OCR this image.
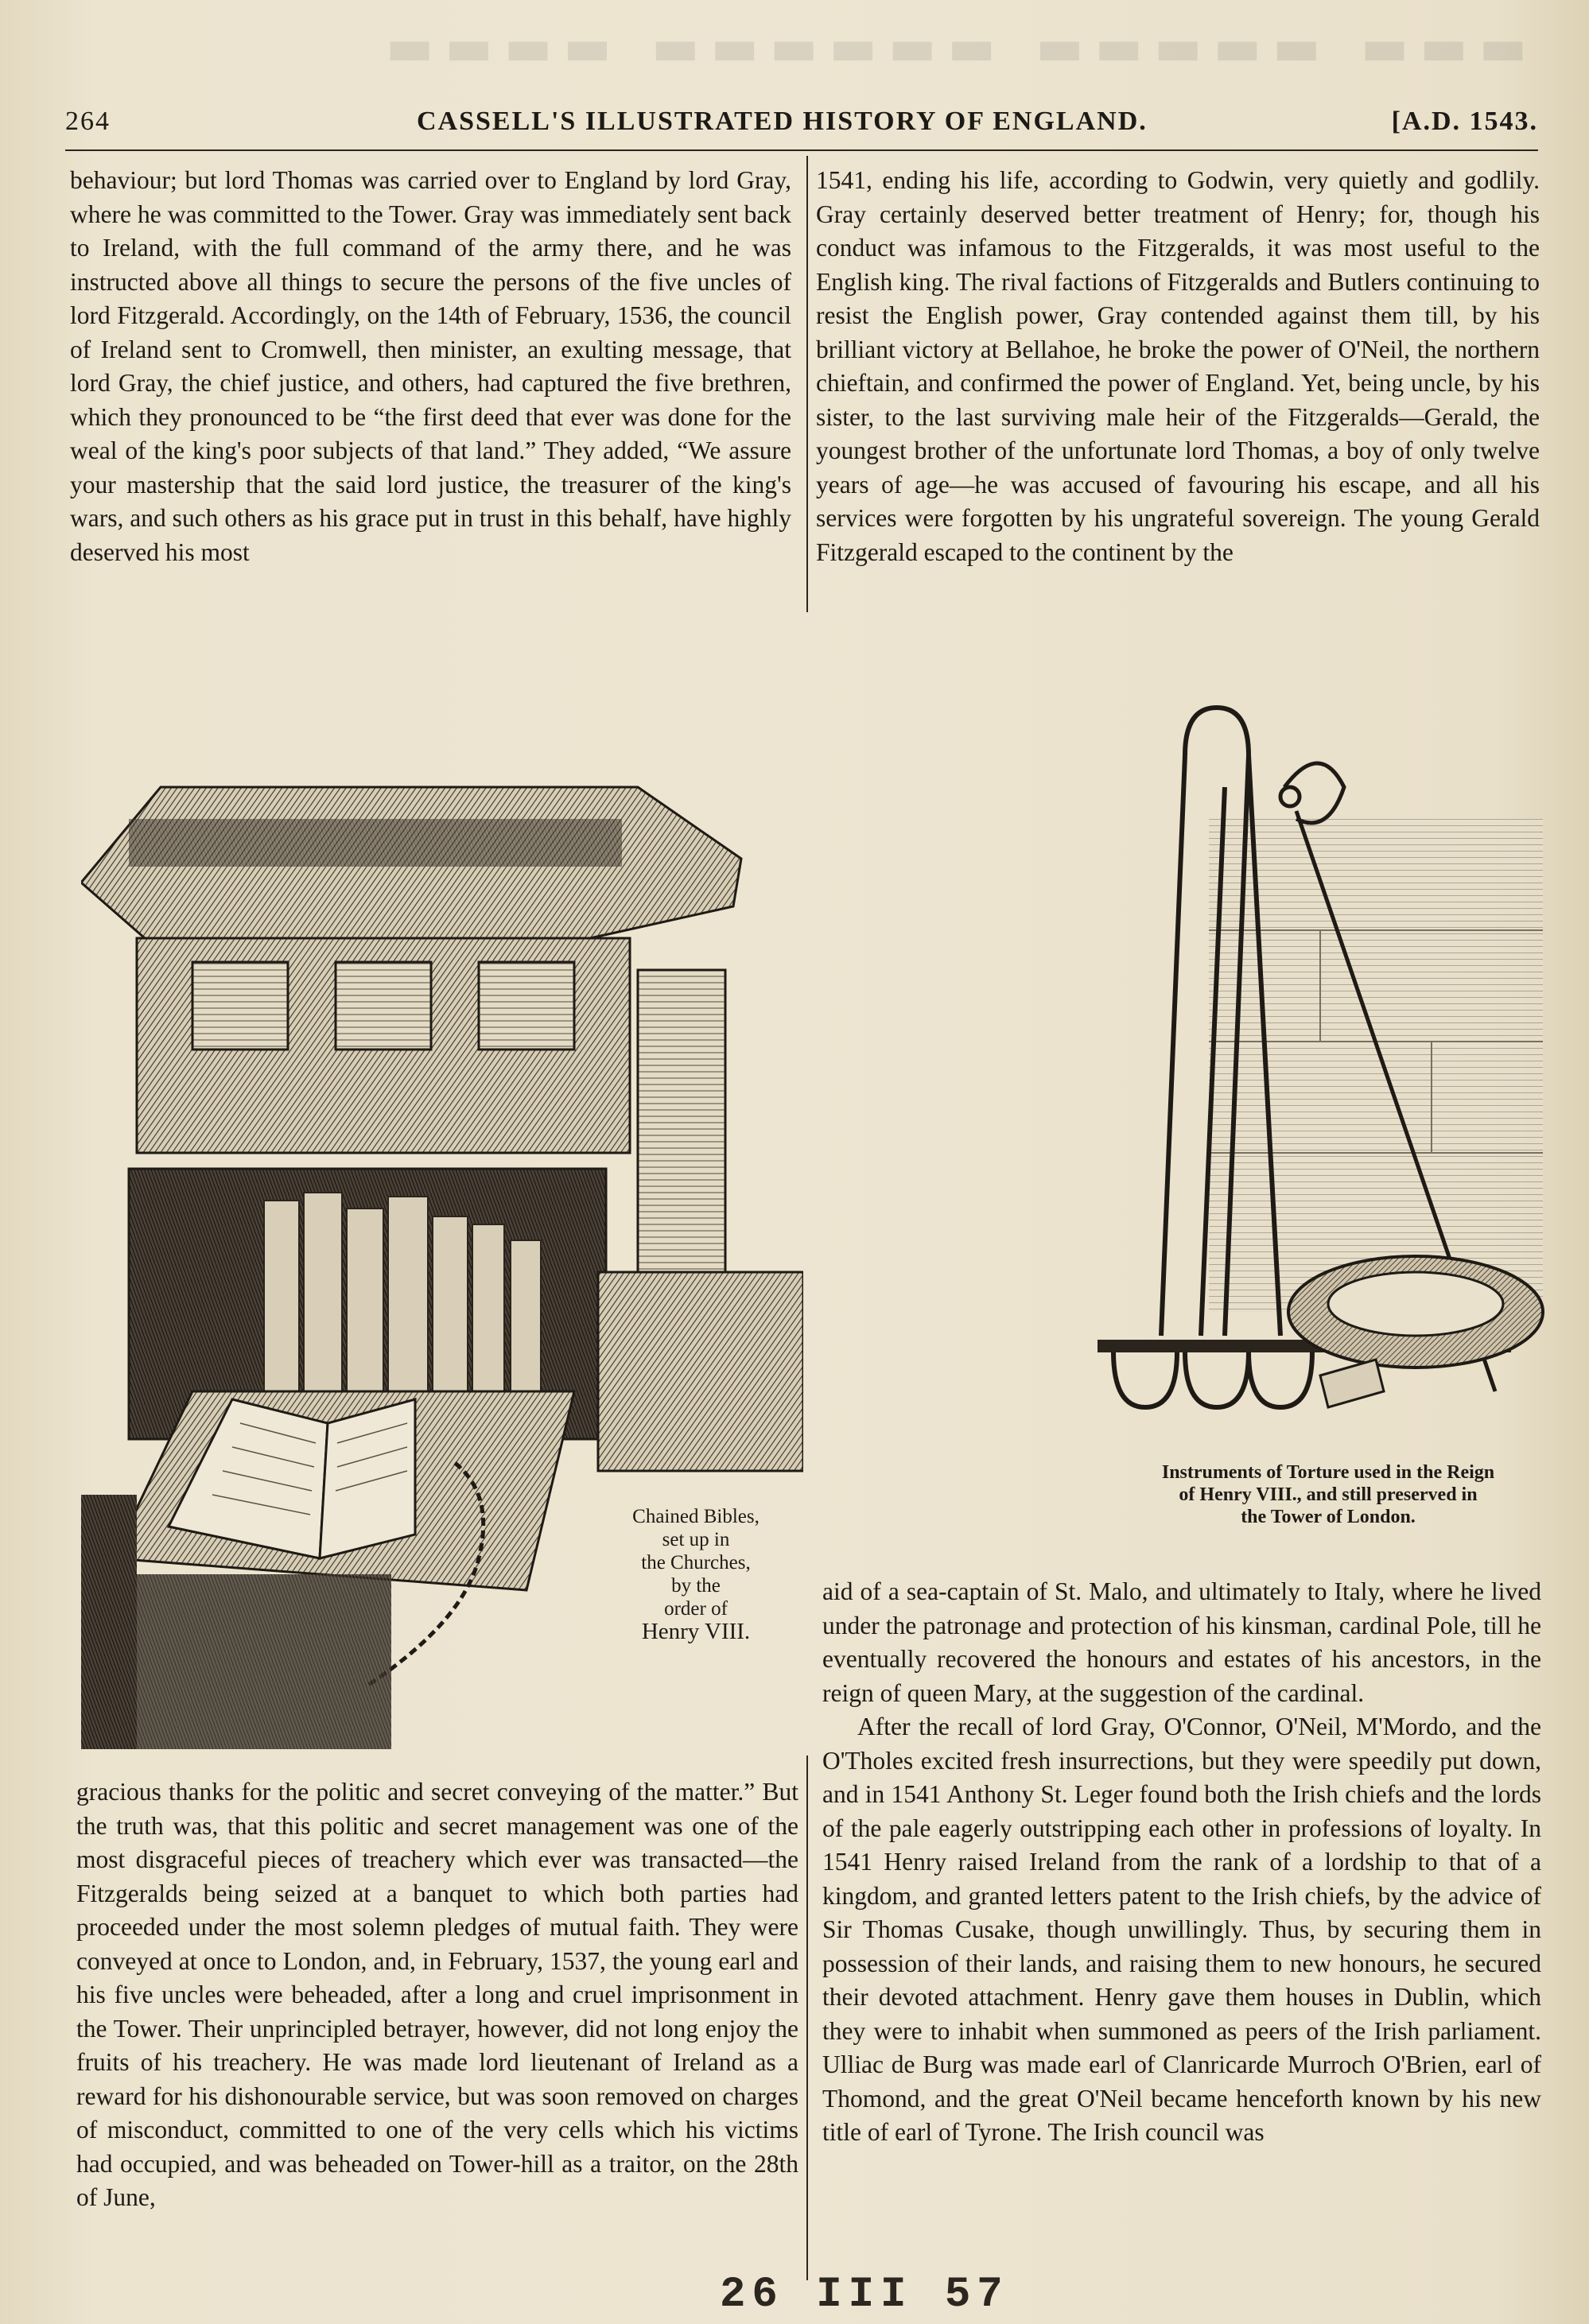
▬▬▬ ▬▬▬▬▬ ▬▬▬▬▬▬ ▬▬▬▬
264	CASSELL'S ILLUSTRATED HISTORY OF ENGLAND.	[A.D. 1543.

behaviour; but lord Thomas was carried over to England by lord Gray, where he was committed to the Tower. Gray was immediately sent back to Ireland, with the full command of the army there, and he was instructed above all things to secure the persons of the five uncles of lord Fitzgerald. Accordingly, on the 14th of February, 1536, the council of Ireland sent to Cromwell, then minister, an exulting message, that lord Gray, the chief justice, and others, had captured the five brethren, which they pronounced to be “the first deed that ever was done for the weal of the king's poor subjects of that land.” They added, “We assure your mastership that the said lord justice, the treasurer of the king's wars, and such others as his grace put in trust in this behalf, have highly deserved his most

1541, ending his life, according to Godwin, very quietly and godlily. Gray certainly deserved better treatment of Henry; for, though his conduct was infamous to the Fitzgeralds, it was most useful to the English king. The rival factions of Fitzgeralds and Butlers continuing to resist the English power, Gray contended against them till, by his brilliant victory at Bellahoe, he broke the power of O'Neil, the northern chieftain, and confirmed the power of England. Yet, being uncle, by his sister, to the last surviving male heir of the Fitzgeralds—Gerald, the youngest brother of the unfortunate lord Thomas, a boy of only twelve years of age—he was accused of favouring his escape, and all his services were forgotten by his ungrateful sovereign. The young Gerald Fitzgerald escaped to the continent by the

Chained Bibles,
set up in
the Churches,
by the
order of
Henry VIII.
Instruments of Torture used in the Reign
of Henry VIII., and still preserved in
the Tower of London.

aid of a sea-captain of St. Malo, and ultimately to Italy, where he lived under the patronage and protection of his kinsman, cardinal Pole, till he eventually recovered the honours and estates of his ancestors, in the reign of queen Mary, at the suggestion of the cardinal.

After the recall of lord Gray, O'Connor, O'Neil, M'Mordo, and the O'Tholes excited fresh insurrections, but they were speedily put down, and in 1541 Anthony St. Leger found both the Irish chiefs and the lords of the pale eagerly outstripping each other in professions of loyalty. In 1541 Henry raised Ireland from the rank of a lordship to that of a kingdom, and granted letters patent to the Irish chiefs, by the advice of Sir Thomas Cusake, though unwillingly. Thus, by securing them in possession of their lands, and raising them to new honours, he secured their devoted attachment. Henry gave them houses in Dublin, which they were to inhabit when summoned as peers of the Irish parliament. Ulliac de Burg was made earl of Clanricarde Murroch O'Brien, earl of Thomond, and the great O'Neil became henceforth known by his new title of earl of Tyrone. The Irish council was

gracious thanks for the politic and secret conveying of the matter.” But the truth was, that this politic and secret management was one of the most disgraceful pieces of treachery which ever was transacted—the Fitzgeralds being seized at a banquet to which both parties had proceeded under the most solemn pledges of mutual faith. They were conveyed at once to London, and, in February, 1537, the young earl and his five uncles were beheaded, after a long and cruel imprisonment in the Tower. Their unprincipled betrayer, however, did not long enjoy the fruits of his treachery. He was made lord lieutenant of Ireland as a reward for his dishonourable service, but was soon removed on charges of misconduct, committed to one of the very cells which his victims had occupied, and was beheaded on Tower-hill as a traitor, on the 28th of June,

26 III 57
